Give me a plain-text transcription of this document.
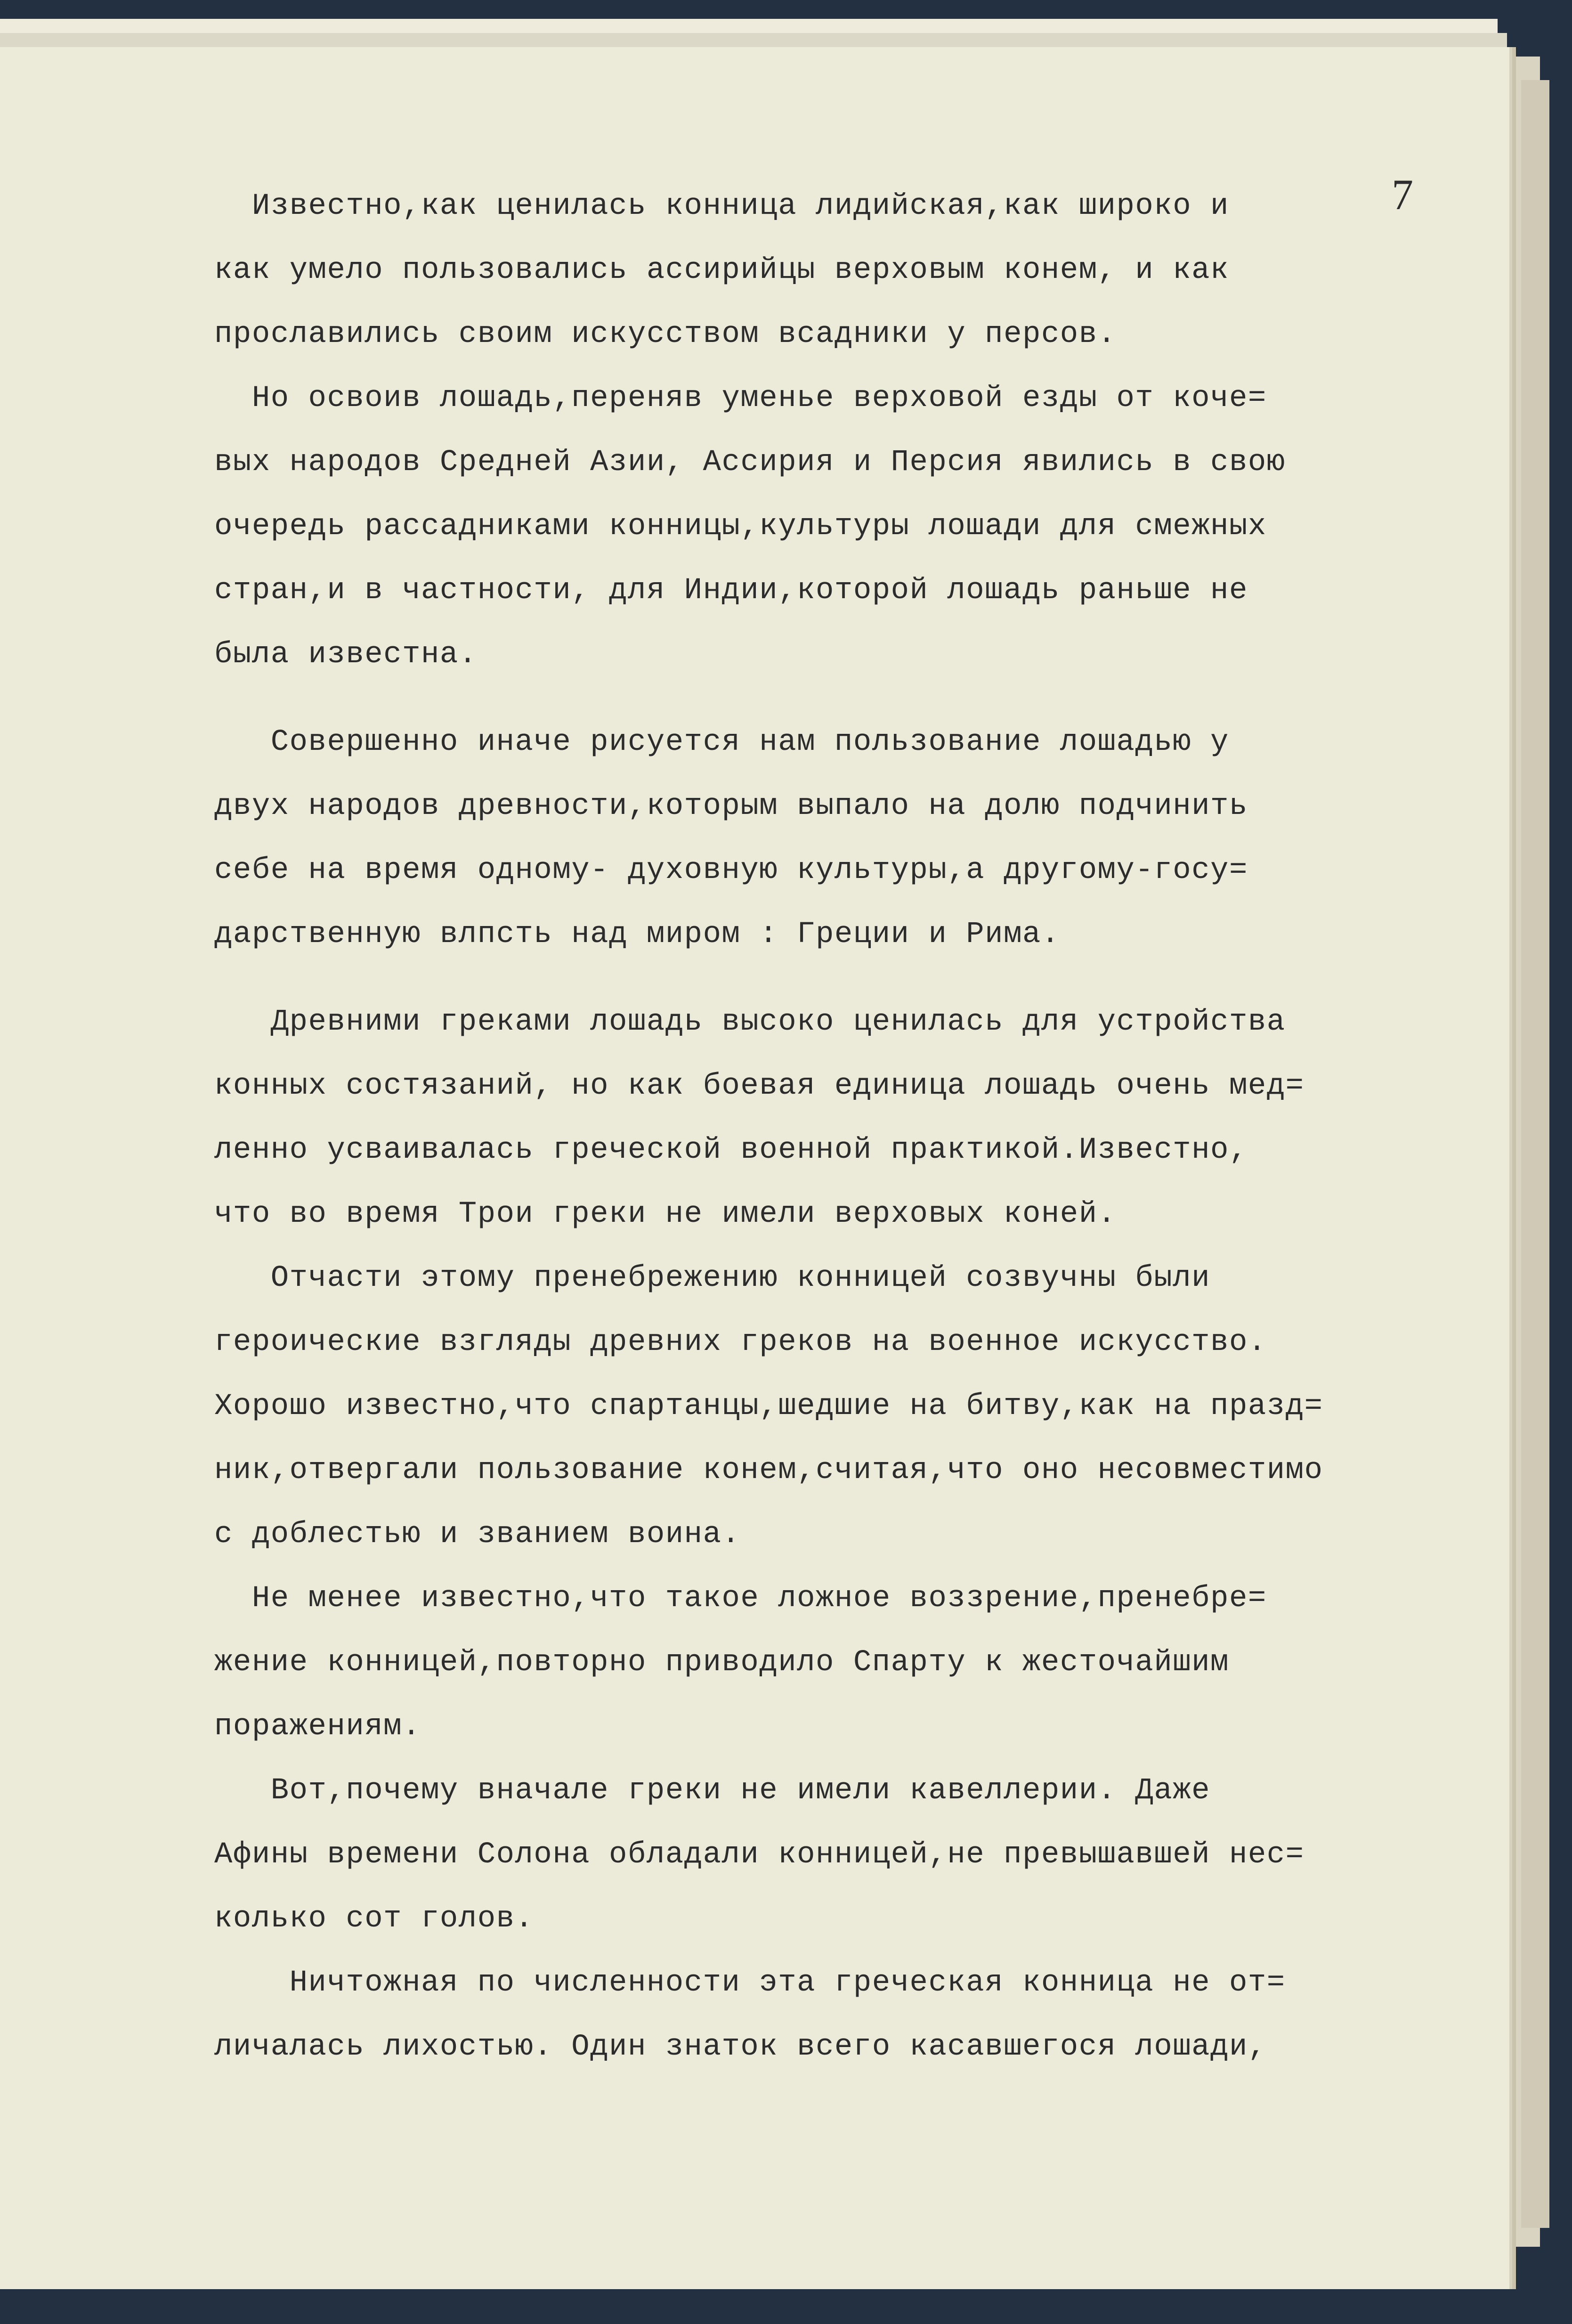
7
Известно,как ценилась конница лидийская,как широко и
как умело пользовались ассирийцы верховым конем, и как
прославились своим искусством всадники у персов.
Но освоив лошадь,переняв уменье верховой езды от коче=
вых народов Средней Азии, Ассирия и Персия явились в свою
очередь рассадниками конницы,культуры лошади для смежных
стран,и в частности, для Индии,которой лошадь раньше не
была известна.
Совершенно иначе рисуется нам пользование лошадью у
двух народов древности,которым выпало на долю подчинить
себе на время одному- духовную культуры,а другому-госу=
дарственную влпсть над миром : Греции и Рима.
Древними греками лошадь высоко ценилась для устройства
конных состязаний, но как боевая единица лошадь очень мед=
ленно усваивалась греческой военной практикой.Известно,
что во время Трои греки не имели верховых коней.
Отчасти этому пренебрежению конницей созвучны были
героические взгляды древних греков на военное искусство.
Хорошо известно,что спартанцы,шедшие на битву,как на празд=
ник,отвергали пользование конем,считая,что оно несовместимо
с доблестью и званием воина.
Не менее известно,что такое ложное воззрение,пренебре=
жение конницей,повторно приводило Спарту к жесточайшим
поражениям.
Вот,почему вначале греки не имели кавеллерии. Даже
Афины времени Солона обладали конницей,не превышавшей нес=
колько сот голов.
Ничтожная по численности эта греческая конница не от=
личалась лихостью. Один знаток всего касавшегося лошади,
